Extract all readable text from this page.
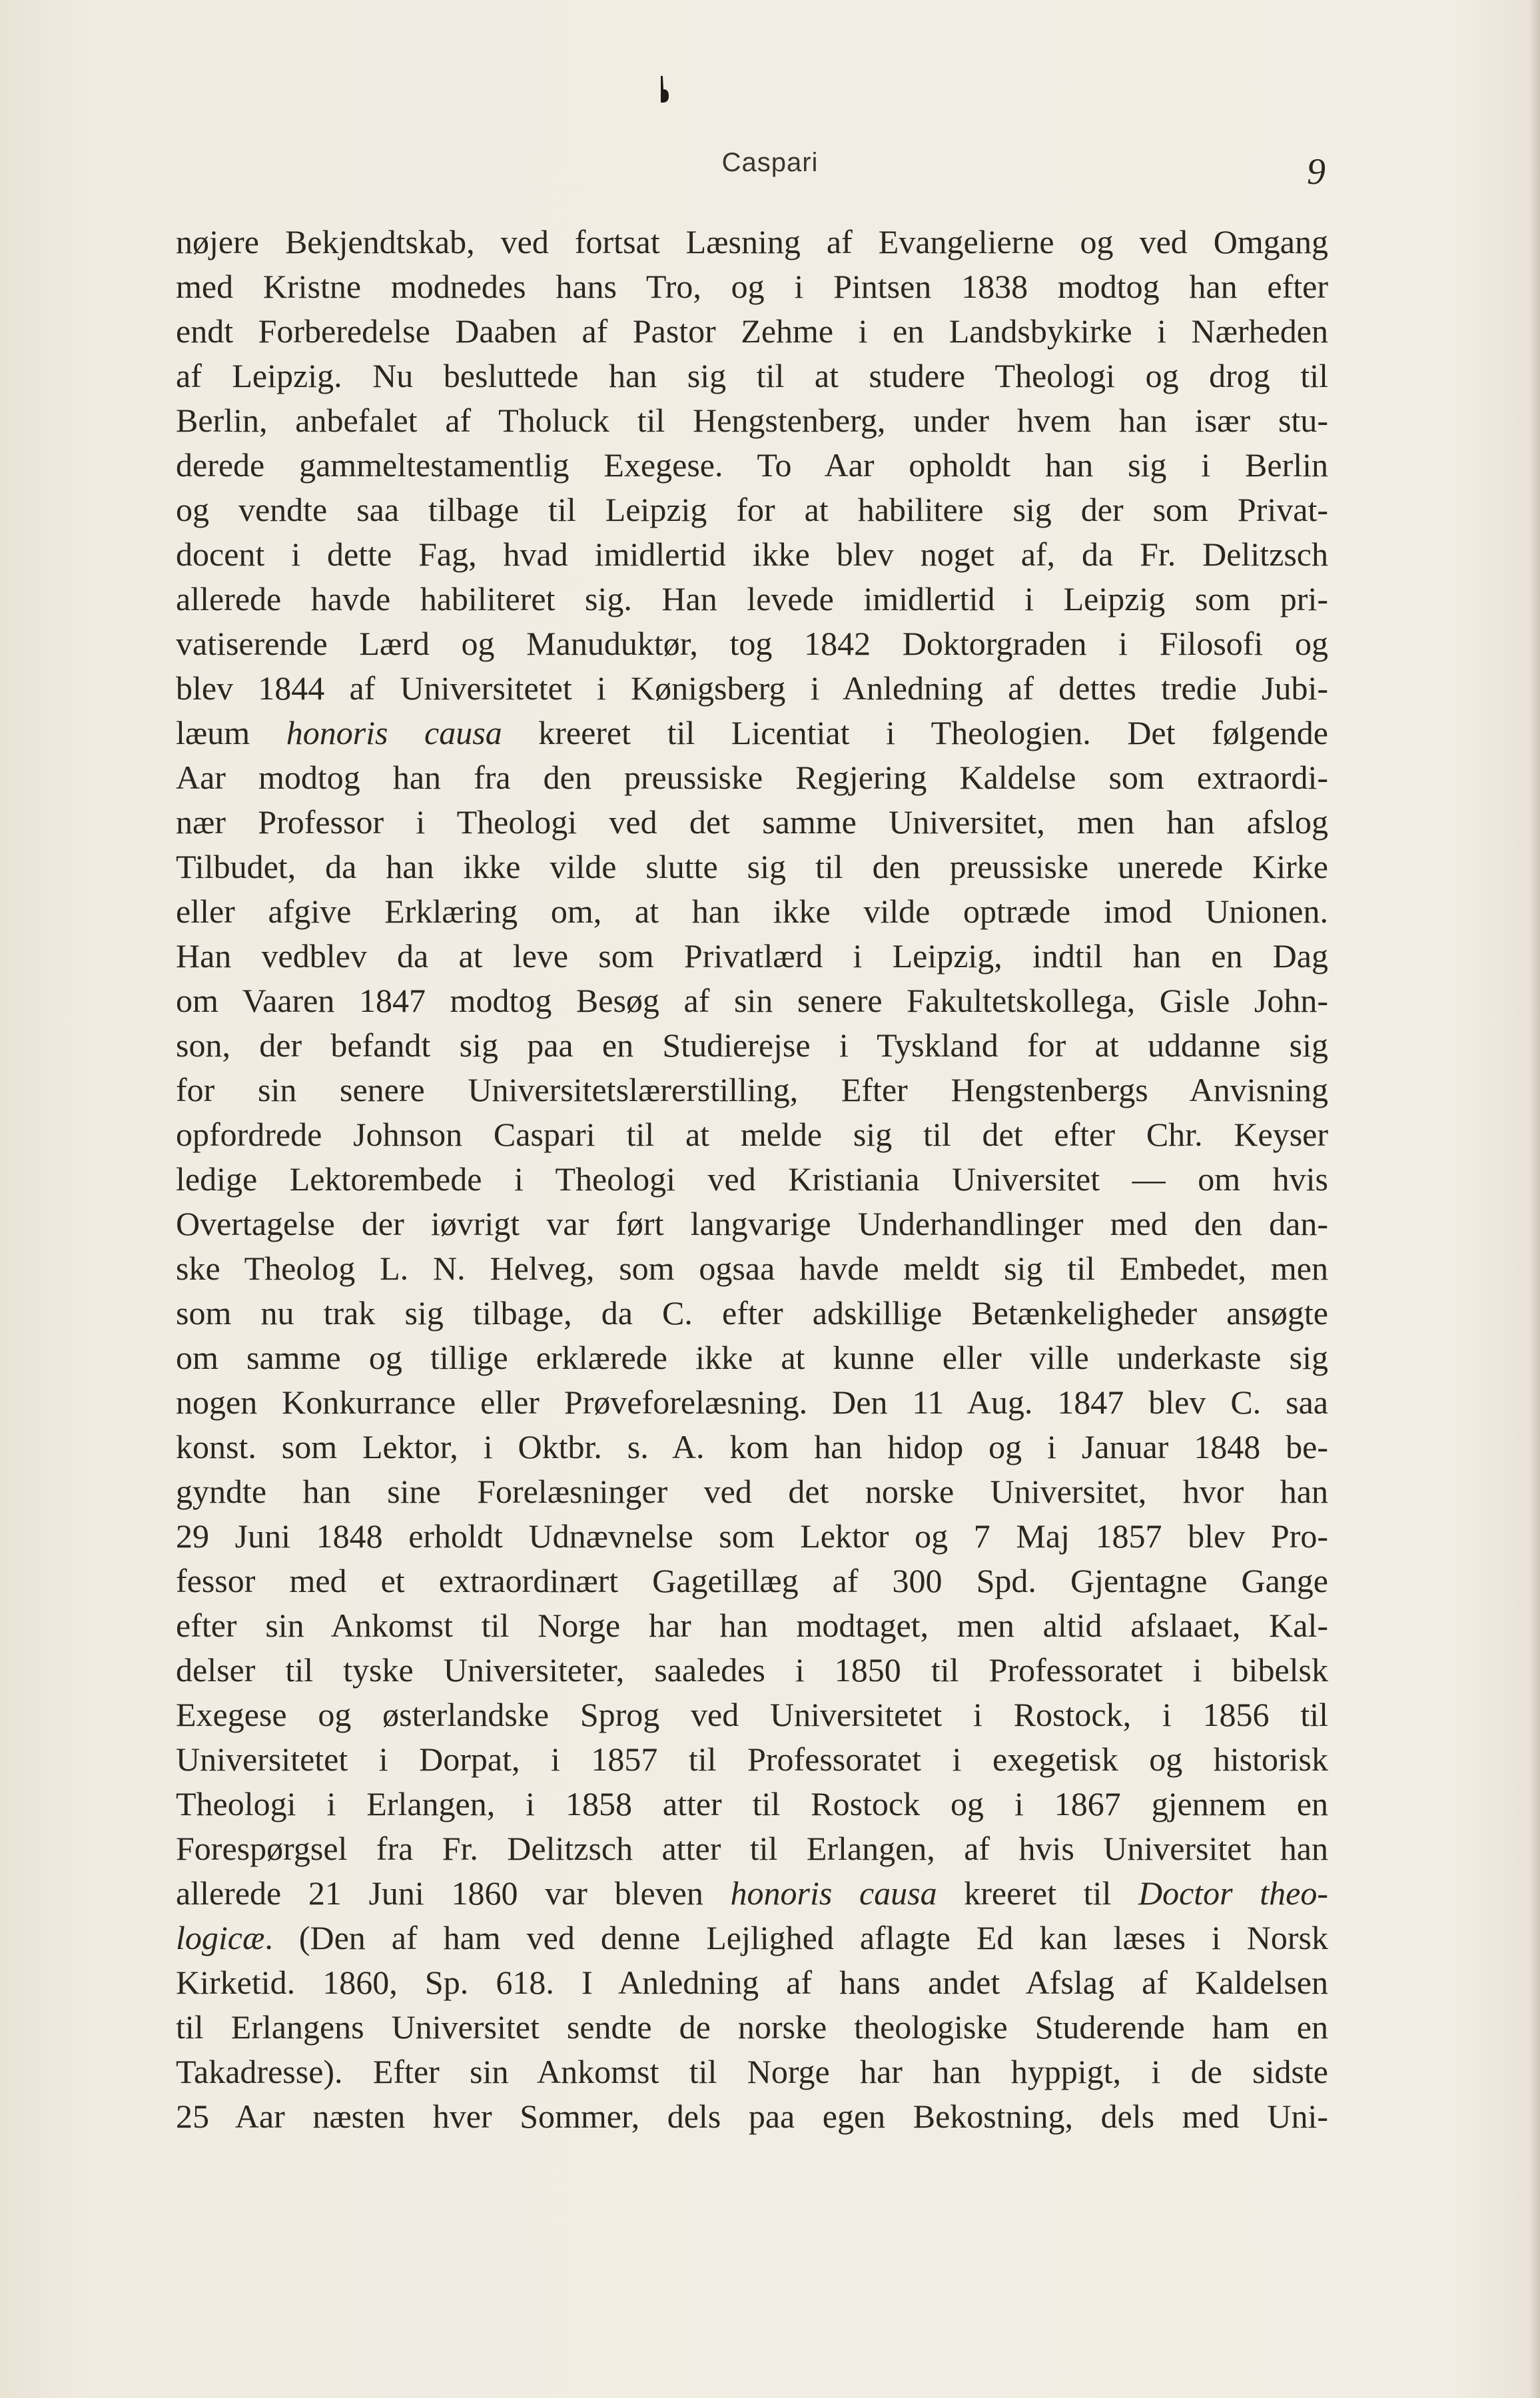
Caspari	9
nøjere Bekjendtskab, ved fortsat Læsning af Evangelierne og ved Omgang
med Kristne modnedes hans Tro, og i Pintsen 1838 modtog han efter
endt Forberedelse Daaben af Pastor Zehme i en Landsbykirke i Nærheden
af Leipzig. Nu besluttede han sig til at studere Theologi og drog til
Berlin, anbefalet af Tholuck til Hengstenberg, under hvem han især stu-
derede gammeltestamentlig Exegese. To Aar opholdt han sig i Berlin
og vendte saa tilbage til Leipzig for at habilitere sig der som Privat-
docent i dette Fag, hvad imidlertid ikke blev noget af, da Fr. Delitzsch
allerede havde habiliteret sig. Han levede imidlertid i Leipzig som pri-
vatiserende Lærd og Manuduktør, tog 1842 Doktorgraden i Filosofi og
blev 1844 af Universitetet i Kønigsberg i Anledning af dettes tredie Jubi-
læum honoris causa kreeret til Licentiat i Theologien. Det følgende
Aar modtog han fra den preussiske Regjering Kaldelse som extraordi-
nær Professor i Theologi ved det samme Universitet, men han afslog
Tilbudet, da han ikke vilde slutte sig til den preussiske unerede Kirke
eller afgive Erklæring om, at han ikke vilde optræde imod Unionen.
Han vedblev da at leve som Privatlærd i Leipzig, indtil han en Dag
om Vaaren 1847 modtog Besøg af sin senere Fakultetskollega, Gisle John-
son, der befandt sig paa en Studierejse i Tyskland for at uddanne sig
for sin senere Universitetslærerstilling, Efter Hengstenbergs Anvisning
opfordrede Johnson Caspari til at melde sig til det efter Chr. Keyser
ledige Lektorembede i Theologi ved Kristiania Universitet — om hvis
Overtagelse der iøvrigt var ført langvarige Underhandlinger med den dan-
ske Theolog L. N. Helveg, som ogsaa havde meldt sig til Embedet, men
som nu trak sig tilbage, da C. efter adskillige Betænkeligheder ansøgte
om samme og tillige erklærede ikke at kunne eller ville underkaste sig
nogen Konkurrance eller Prøveforelæsning. Den 11 Aug. 1847 blev C. saa
konst. som Lektor, i Oktbr. s. A. kom han hidop og i Januar 1848 be-
gyndte han sine Forelæsninger ved det norske Universitet, hvor han
29 Juni 1848 erholdt Udnævnelse som Lektor og 7 Maj 1857 blev Pro-
fessor med et extraordinært Gagetillæg af 300 Spd. Gjentagne Gange
efter sin Ankomst til Norge har han modtaget, men altid afslaaet, Kal-
delser til tyske Universiteter, saaledes i 1850 til Professoratet i bibelsk
Exegese og østerlandske Sprog ved Universitetet i Rostock, i 1856 til
Universitetet i Dorpat, i 1857 til Professoratet i exegetisk og historisk
Theologi i Erlangen, i 1858 atter til Rostock og i 1867 gjennem en
Forespørgsel fra Fr. Delitzsch atter til Erlangen, af hvis Universitet han
allerede 21 Juni 1860 var bleven honoris causa kreeret til Doctor theo-
logicæ. (Den af ham ved denne Lejlighed aflagte Ed kan læses i Norsk
Kirketid. 1860, Sp. 618. I Anledning af hans andet Afslag af Kaldelsen
til Erlangens Universitet sendte de norske theologiske Studerende ham en
Takadresse). Efter sin Ankomst til Norge har han hyppigt, i de sidste
25 Aar næsten hver Sommer, dels paa egen Bekostning, dels med Uni-
